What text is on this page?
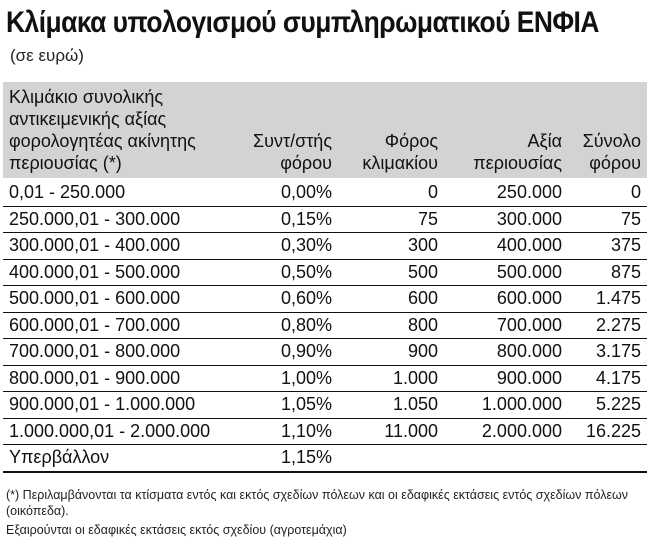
Κλίμακα υπολογισμού συμπληρωματικού ΕΝΦΙΑ
(σε ευρώ)
Κλιμάκιο συνολικής αντικειμενικής αξίας φορολογητέας ακίνητης περιουσίας (*)	Συντ/στής φόρου	Φόρος κλιμακίου	Αξία περιουσίας	Σύνολο φόρου
0,01 - 250.000	0,00%	0	250.000	0
250.000,01 - 300.000	0,15%	75	300.000	75
300.000,01 - 400.000	0,30%	300	400.000	375
400.000,01 - 500.000	0,50%	500	500.000	875
500.000,01 - 600.000	0,60%	600	600.000	1.475
600.000,01 - 700.000	0,80%	800	700.000	2.275
700.000,01 - 800.000	0,90%	900	800.000	3.175
800.000,01 - 900.000	1,00%	1.000	900.000	4.175
900.000,01 - 1.000.000	1,05%	1.050	1.000.000	5.225
1.000.000,01 - 2.000.000	1,10%	11.000	2.000.000	16.225
Υπερβάλλον	1,15%			

(*) Περιλαμβάνονται τα κτίσματα εντός και εκτός σχεδίων πόλεων και οι εδαφικές εκτάσεις εντός σχεδίων πόλεων (οικόπεδα).

Εξαιρούνται οι εδαφικές εκτάσεις εκτός σχεδίου (αγροτεμάχια)
